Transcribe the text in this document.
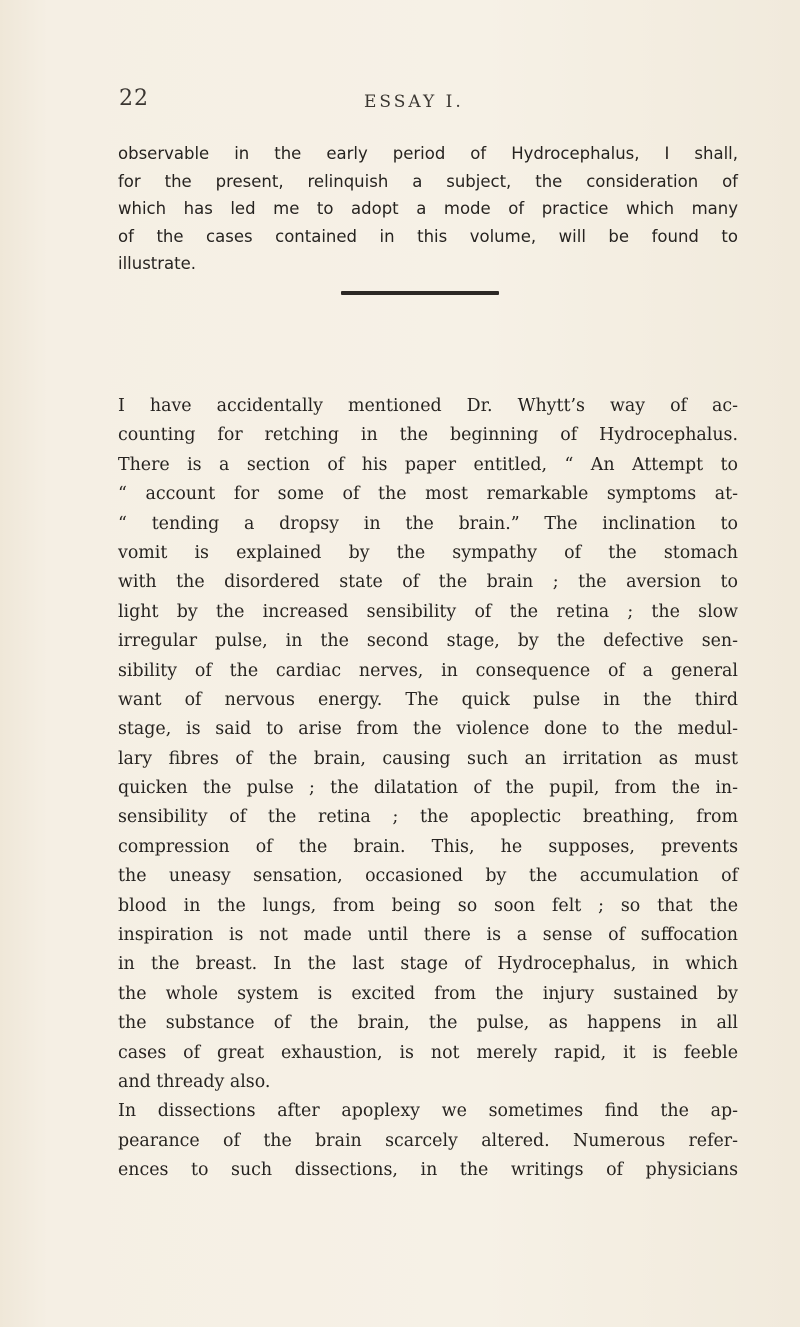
22	ESSAY I.
observable in the early period of Hydrocephalus, I shall,
for the present, relinquish a subject, the consideration of
which has led me to adopt a mode of practice which many
of the cases contained in this volume, will be found to
illustrate.
I have accidentally mentioned Dr. Whytt’s way of ac-
counting for retching in the beginning of Hydrocephalus.
There is a section of his paper entitled, “ An Attempt to
“ account for some of the most remarkable symptoms at-
“ tending a dropsy in the brain.” The inclination to
vomit is explained by the sympathy of the stomach
with the disordered state of the brain ; the aversion to
light by the increased sensibility of the retina ; the slow
irregular pulse, in the second stage, by the defective sen-
sibility of the cardiac nerves, in consequence of a general
want of nervous energy. The quick pulse in the third
stage, is said to arise from the violence done to the medul-
lary fibres of the brain, causing such an irritation as must
quicken the pulse ; the dilatation of the pupil, from the in-
sensibility of the retina ; the apoplectic breathing, from
compression of the brain. This, he supposes, prevents
the uneasy sensation, occasioned by the accumulation of
blood in the lungs, from being so soon felt ; so that the
inspiration is not made until there is a sense of suffocation
in the breast. In the last stage of Hydrocephalus, in which
the whole system is excited from the injury sustained by
the substance of the brain, the pulse, as happens in all
cases of great exhaustion, is not merely rapid, it is feeble
and thready also.
In dissections after apoplexy we sometimes find the ap-
pearance of the brain scarcely altered. Numerous refer-
ences to such dissections, in the writings of physicians
